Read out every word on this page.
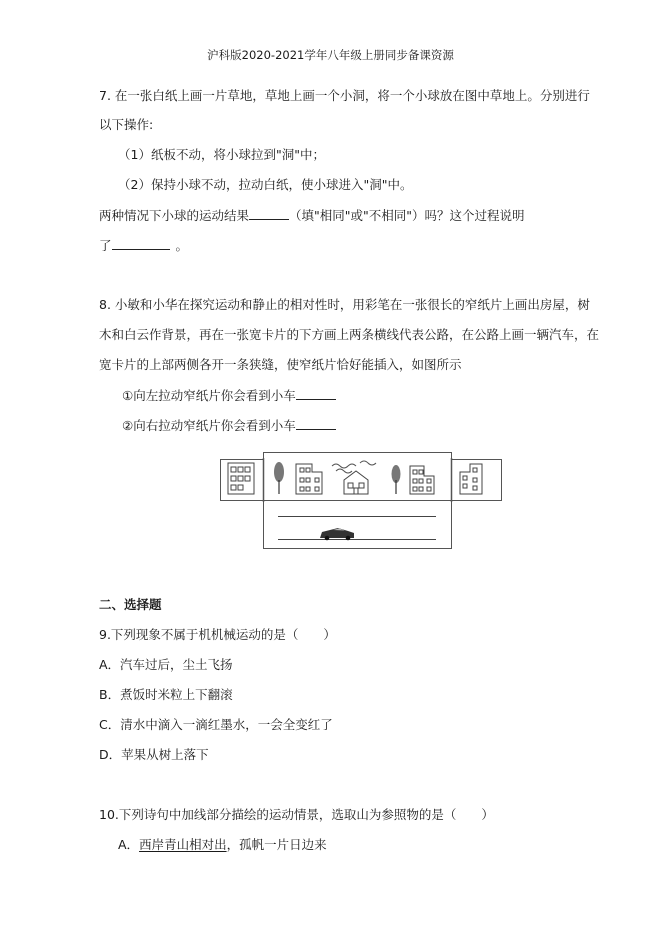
沪科版2020-2021学年八年级上册同步备课资源
7. 在一张白纸上画一片草地，草地上画一个小洞，将一个小球放在图中草地上。分别进行
以下操作:
（1）纸板不动，将小球拉到"洞"中；
（2）保持小球不动，拉动白纸，使小球进入"洞"中。
两种情况下小球的运动结果	（填"相同"或"不相同"）吗？这个过程说明
了	。
8. 小敏和小华在探究运动和静止的相对性时，用彩笔在一张很长的窄纸片上画出房屋，树
木和白云作背景，再在一张宽卡片的下方画上两条横线代表公路，在公路上画一辆汽车，在
宽卡片的上部两侧各开一条狭缝，使窄纸片恰好能插入，如图所示
①向左拉动窄纸片你会看到小车
②向右拉动窄纸片你会看到小车
二、选择题
9.下列现象不属于机机械运动的是（　　）
A．汽车过后，尘土飞扬
B．煮饭时米粒上下翻滚
C．清水中滴入一滴红墨水，一会全变红了
D．苹果从树上落下
10.下列诗句中加线部分描绘的运动情景，选取山为参照物的是（　　）
A．西岸青山相对出，孤帆一片日边来
